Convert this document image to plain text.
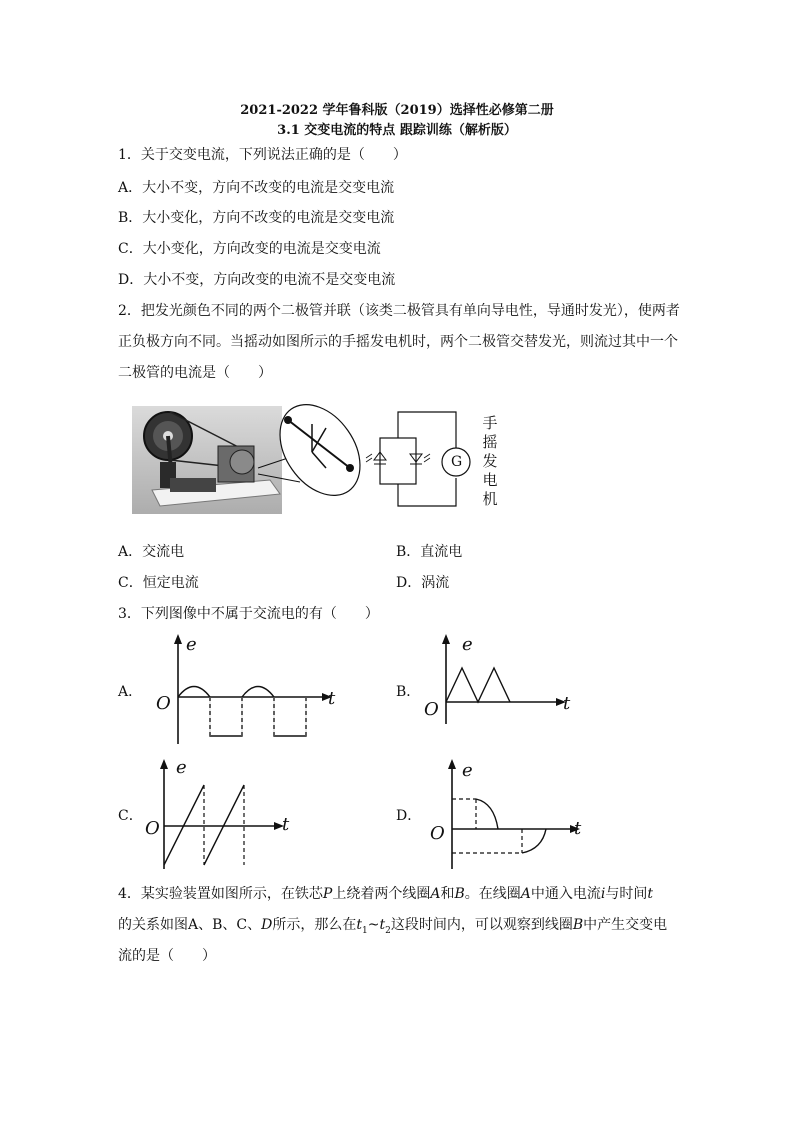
2021-2022 学年鲁科版（2019）选择性必修第二册
3.1 交变电流的特点 跟踪训练（解析版）
1．关于交变电流，下列说法正确的是（　　）
A．大小不变，方向不改变的电流是交变电流
B．大小变化，方向不改变的电流是交变电流
C．大小变化，方向改变的电流是交变电流
D．大小不变，方向改变的电流不是交变电流
2．把发光颜色不同的两个二极管并联（该类二极管具有单向导电性，导通时发光），使两者
正负极方向不同。当摇动如图所示的手摇发电机时，两个二极管交替发光，则流过其中一个
二极管的电流是（　　）
G
手
摇
发
电
机
A．交流电	B．直流电
C．恒定电流	D．涡流
3．下列图像中不属于交流电的有（　　）
A．
e
t
O
B．
e
t
O
C．
e
t
O
D．
e
t
O
4．某实验装置如图所示，在铁芯P上绕着两个线圈A和B。在线圈A中通入电流i与时间t
的关系如图A、B、C、D所示，那么在$t_1\sim t_2$这段时间内，可以观察到线圈B中产生交变电
流的是（　　）
